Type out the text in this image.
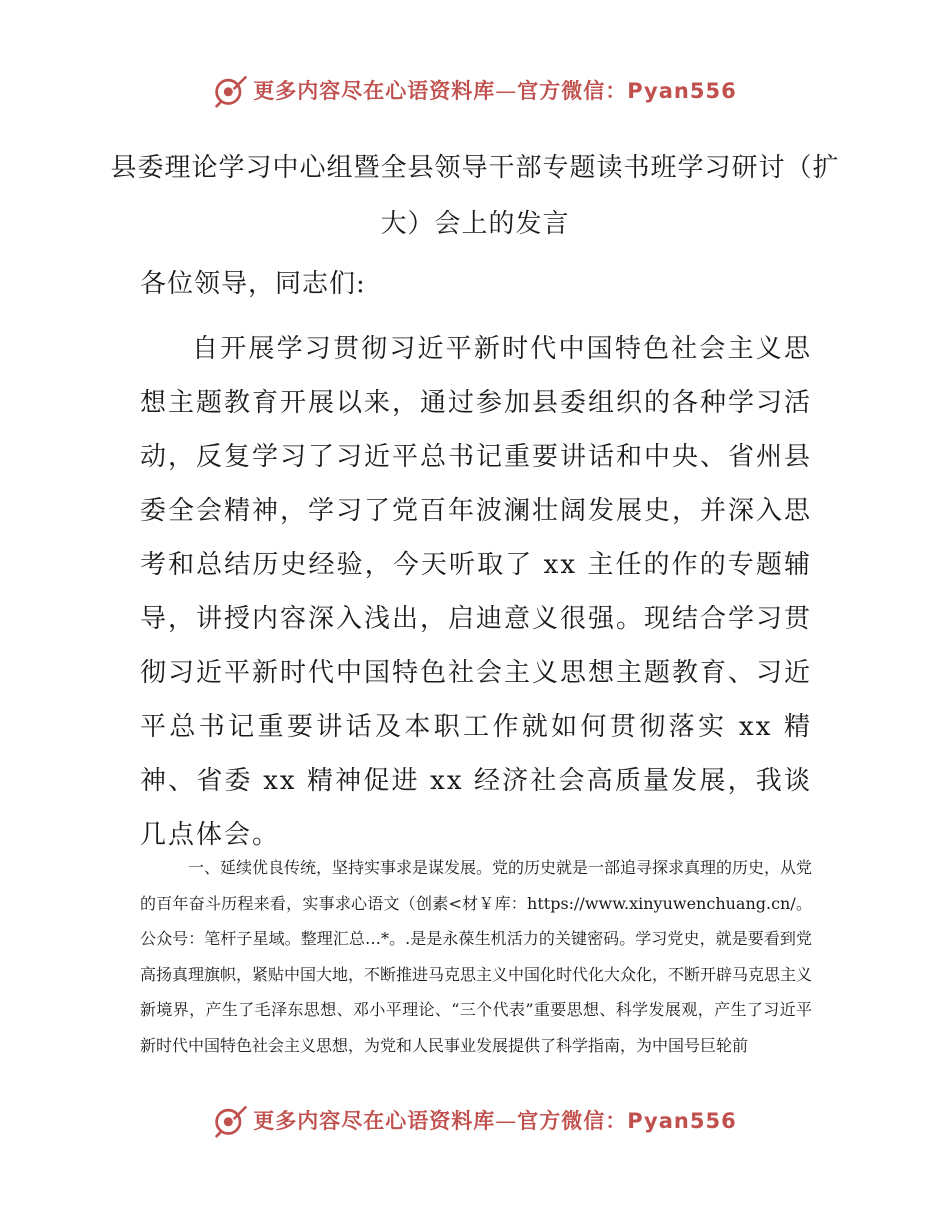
更多内容尽在心语资料库—官方微信：Pyan556
县委理论学习中心组暨全县领导干部专题读书班学习研讨（扩大）会上的发言
各位领导，同志们:

自开展学习贯彻习近平新时代中国特色社会主义思想主题教育开展以来，通过参加县委组织的各种学习活动，反复学习了习近平总书记重要讲话和中央、省州县委全会精神，学习了党百年波澜壮阔发展史，并深入思考和总结历史经验，今天听取了 xx 主任的作的专题辅导，讲授内容深入浅出，启迪意义很强。现结合学习贯彻习近平新时代中国特色社会主义思想主题教育、习近平总书记重要讲话及本职工作就如何贯彻落实 xx 精神、省委 xx 精神促进 xx 经济社会高质量发展，我谈几点体会。

一、延续优良传统，坚持实事求是谋发展。党的历史就是一部追寻探求真理的历史，从党的百年奋斗历程来看，实事求心语文（创素<材￥库：https://www.xinyuwenchuang.cn/。公众号：笔杆子星域。整理汇总…*。.是是永葆生机活力的关键密码。学习党史，就是要看到党高扬真理旗帜，紧贴中国大地，不断推进马克思主义中国化时代化大众化，不断开辟马克思主义新境界，产生了毛泽东思想、邓小平理论、“三个代表”重要思想、科学发展观，产生了习近平新时代中国特色社会主义思想，为党和人民事业发展提供了科学指南，为中国号巨轮前

更多内容尽在心语资料库—官方微信：Pyan556
